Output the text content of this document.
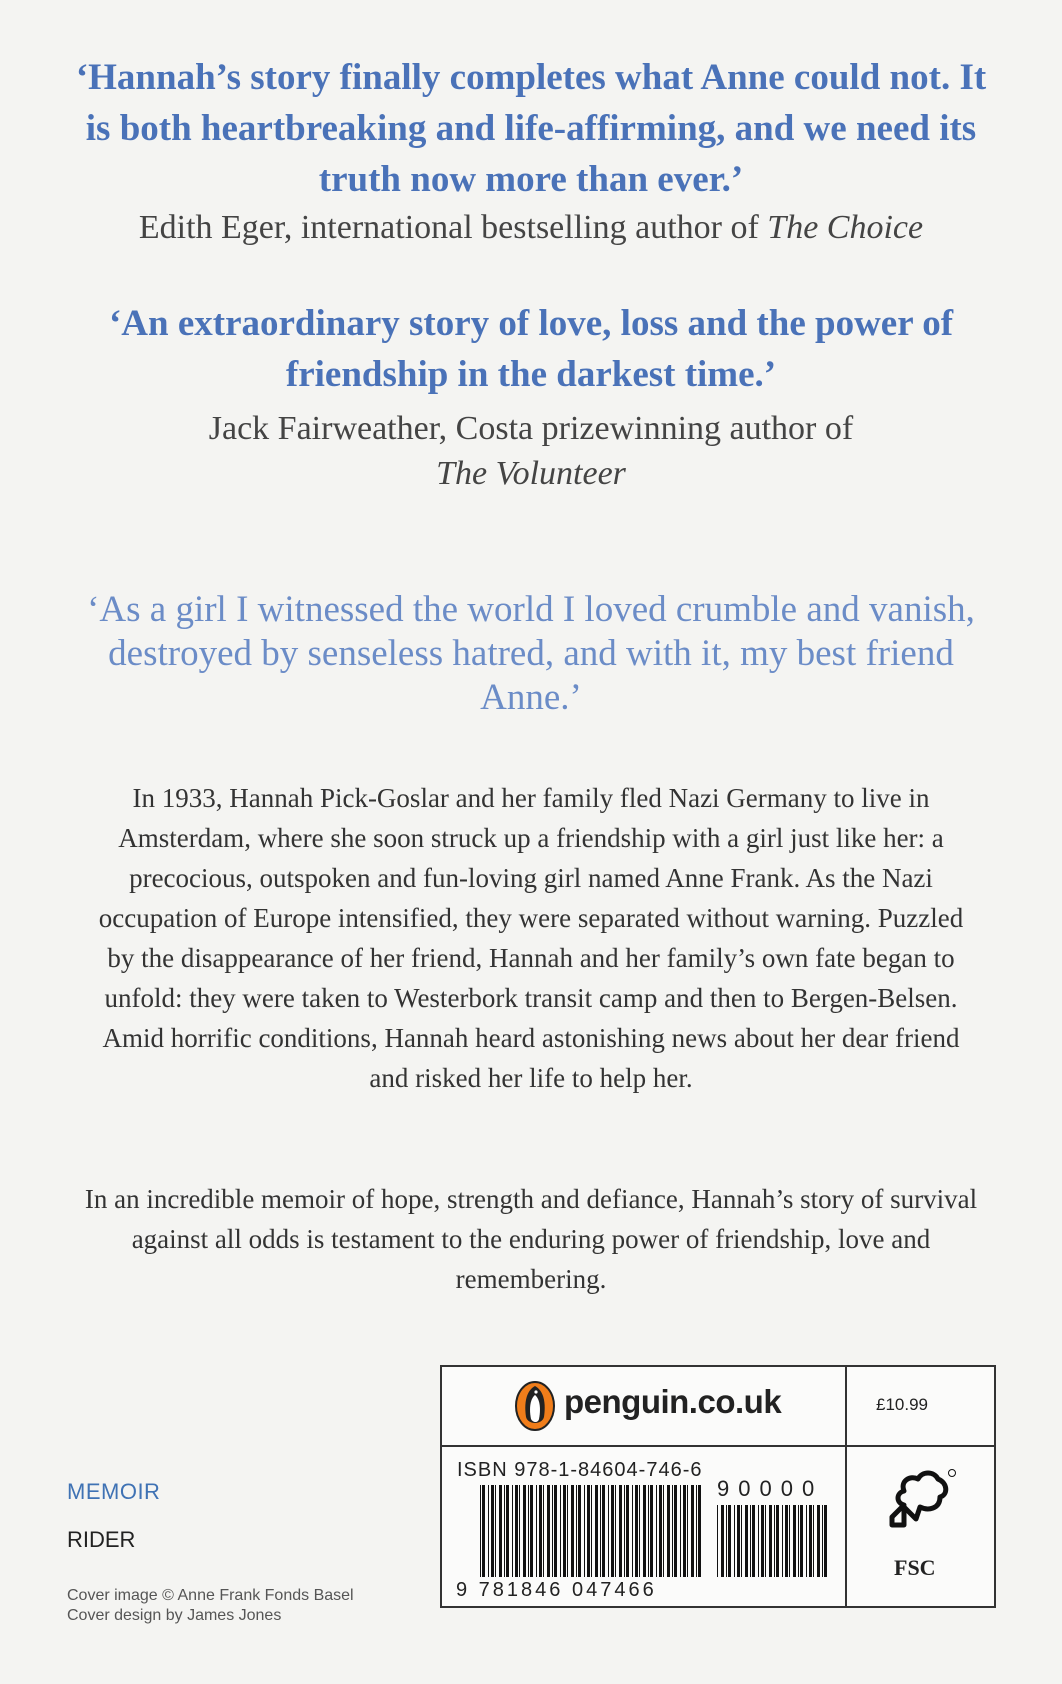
‘Hannah’s story finally completes what Anne could not. It is both heartbreaking and life-affirming, and we need its truth now more than ever.’
Edith Eger, international bestselling author of The Choice
‘An extraordinary story of love, loss and the power of friendship in the darkest time.’
Jack Fairweather, Costa prizewinning author of
The Volunteer
‘As a girl I witnessed the world I loved crumble and vanish, destroyed by senseless hatred, and with it, my best friend Anne.’
In 1933, Hannah Pick-Goslar and her family fled Nazi Germany to live in Amsterdam, where she soon struck up a friendship with a girl just like her: a precocious, outspoken and fun-loving girl named Anne Frank. As the Nazi occupation of Europe intensified, they were separated without warning. Puzzled by the disappearance of her friend, Hannah and her family’s own fate began to unfold: they were taken to Westerbork transit camp and then to Bergen-Belsen. Amid horrific conditions, Hannah heard astonishing news about her dear friend and risked her life to help her.
In an incredible memoir of hope, strength and defiance, Hannah’s story of survival against all odds is testament to the enduring power of friendship, love and remembering.
MEMOIR
RIDER
Cover image © Anne Frank Fonds Basel
Cover design by James Jones
penguin.co.uk	£10.99
ISBN 978-1-84604-746-6
90000
9 781846 047466
FSC
